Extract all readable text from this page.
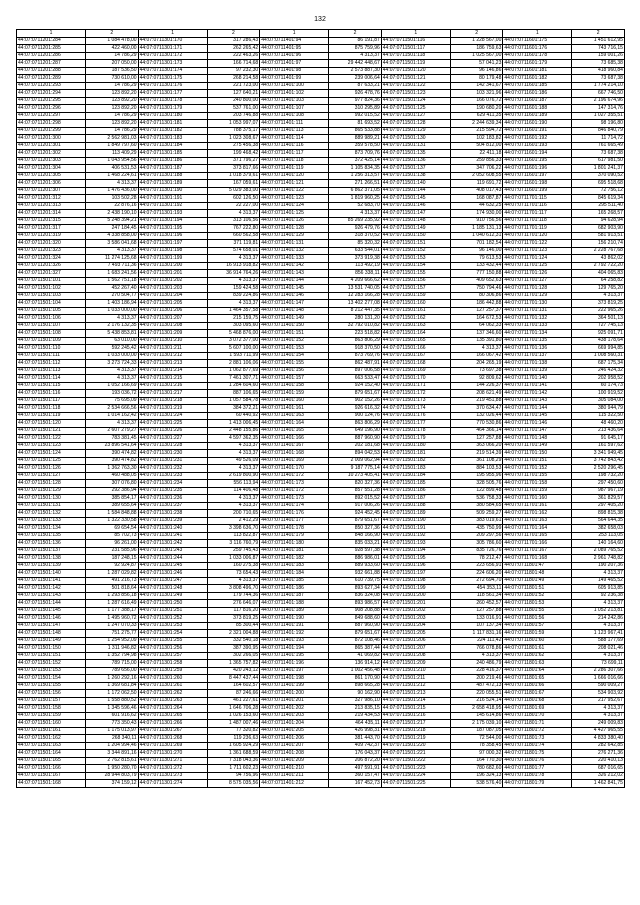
132
1	2	1	2	1	2	1	2	1	2
44:07:0711201:284	1 084 478,00	44:07:0711301:170	317 286,43	44:07:0711401:94	86 191,87	44:07:0711501:116	1 228 567,00	44:07:0711601:175	1 451 612,95
44:07:0711201:285	422 460,00	44:07:0711301:171	262 265,42	44:07:0711401:95	875 759,96	44:07:0711501:117	186 759,63	44:07:0711601:176	743 716,15
44:07:0711201:286	14 786,29	44:07:0711301:172	222 463,26	44:07:0711401:96	4 313,37	44:07:0711501:118	1 025 567,00	44:07:0711601:178	159 001,26
44:07:0711201:287	207 050,00	44:07:0711301:173	166 714,68	44:07:0711401:97	29 442 448,67	44:07:0711501:119	57 041,23	44:07:0711601:179	73 685,38
44:07:0711201:288	187 536,50	44:07:0711301:174	97 232,30	44:07:0711401:98	2 573 887,30	44:07:0711501:120	96 146,86	44:07:0711601:181	418 960,84
44:07:0711201:289	730 610,00	44:07:0711301:175	268 214,58	44:07:0711401:99	239 006,64	44:07:0711501:121	80 179,48	44:07:0711601:182	73 687,38
44:07:0711201:293	14 786,29	44:07:0711301:176	221 723,00	44:07:0711401:100	87 633,21	44:07:0711501:122	142 341,67	44:07:0711601:185	1 774 214,10
44:07:0711201:294	123 892,20	44:07:0711301:177	127 640,21	44:07:0711401:102	926 478,76	44:07:0711501:123	103 321,96	44:07:0711601:186	667 746,50
44:07:0711201:295	123 892,20	44:07:0711301:178	240 800,00	44:07:0711401:103	977 824,36	44:07:0711501:124	166 076,72	44:07:0711601:187	2 196 674,96
44:07:0711201:296	123 892,20	44:07:0711301:179	537 761,00	44:07:0711401:107	310 295,89	44:07:0711501:125	190 680,20	44:07:0711601:188	147 314,76
44:07:0711201:297	14 786,29	44:07:0711301:180	203 746,88	44:07:0711401:108	992 015,52	44:07:0711501:127	629 411,35	44:07:0711601:189	1 027 355,51
44:07:0711201:298	123 892,20	44:07:0711301:181	1 053 997,07	44:07:0711401:111	81 693,52	44:07:0711501:128	2 244 639,34	44:07:0711601:190	98 196,80
44:07:0711201:299	14 786,29	44:07:0711301:182	788 375,17	44:07:0711401:113	865 533,88	44:07:0711501:129	215 594,72	44:07:0711601:191	846 840,79
44:07:0711201:300	2 562 981,03	44:07:0711301:183	1 023 308,67	44:07:0711401:114	889 989,21	44:07:0711501:130	102 183,82	44:07:0711601:192	11 714,72
44:07:0711201:301	1 849 797,60	44:07:0711301:184	275 456,38	44:07:0711401:116	359 578,50	44:07:0711501:131	504 812,00	44:07:0711601:193	761 665,49
44:07:0711201:302	113 409,29	44:07:0711301:185	199 468,42	44:07:0711401:117	873 709,76	44:07:0711501:135	22 411,18	44:07:0711601:194	73 687,38
44:07:0711201:303	1 043 954,56	44:07:0711301:186	371 796,27	44:07:0711401:118	372 425,14	44:07:0711501:136	259 856,33	44:07:0711601:195	617 981,50
44:07:0711201:304	406 531,53	44:07:0711301:187	373 817,66	44:07:0711401:119	1 105 834,35	44:07:0711501:137	347 706,22	44:07:0711601:196	1 801 241,37
44:07:0711201:305	1 468 224,61	44:07:0711301:188	1 018 379,61	44:07:0711401:120	1 256 313,57	44:07:0711501:138	2 052 608,55	44:07:0711601:197	370 090,52
44:07:0711201:306	4 313,37	44:07:0711301:189	167 059,61	44:07:0711401:121	271 266,51	44:07:0711501:140	119 691,72	44:07:0711601:198	695 518,68
44:07:0711201:307	1 476 436,00	44:07:0711301:190	5 029 383,00	44:07:0711401:122	6 862 371,05	44:07:0711501:144	408 017,43	44:07:0711601:199	72 756,12
44:07:0711201:312	103 502,28	44:07:0711301:191	602 126,50	44:07:0711401:123	1 819 960,25	44:07:0711501:145	168 087,87	44:07:0711701:115	845 619,34
44:07:0711201:313	22 876,16	44:07:0711301:192	22 227,00	44:07:0711401:124	52 683,70	44:07:0711501:146	44 632,25	44:07:0711701:116	295 511,40
44:07:0711201:314	2 438 190,10	44:07:0711301:193	4 313,37	44:07:0711401:125	4 313,37	44:07:0711501:147	174 930,00	44:07:0711701:117	165 268,57
44:07:0711201:315	5 248 394,21	44:07:0711301:194	313 106,56	44:07:0711401:126	85 269 235,92	44:07:0711501:148	910 756,56	44:07:0711701:118	94 628,94
44:07:0711201:317	247 184,45	44:07:0711301:195	767 222,80	44:07:0711401:128	926 479,76	44:07:0711501:149	1 185 131,13	44:07:0711701:119	682 903,90
44:07:0711201:319	4 338 858,00	44:07:0711301:196	660 562,58	44:07:0711401:129	318 370,52	44:07:0711501:150	1 040 612,31	44:07:0711701:120	581 913,51
44:07:0711201:320	3 586 041,68	44:07:0711301:197	371 119,81	44:07:0711401:131	85 320,32	44:07:0711501:151	701 182,54	44:07:0711701:122	156 210,74
44:07:0711201:323	4 313,37	44:07:0711301:198	574 658,01	44:07:0711401:132	633 544,01	44:07:0711501:152	96 146,00	44:07:0711701:123	2 228 767,68
44:07:0711201:324	11 274 125,68	44:07:0711301:199	4 313,37	44:07:0711401:133	373 919,38	44:07:0711501:153	79 613,53	44:07:0711701:124	43 862,02
44:07:0711201:326	7 493 711,36	44:07:0711301:200	16 913 918,82	44:07:0711401:142	113 492,19	44:07:0711501:154	133 432,44	44:07:0711701:125	2 792 722,20
44:07:0711201:327	1 683 241,56	44:07:0711301:201	36 914 764,26	44:07:0711401:143	856 338,11	44:07:0711501:155	777 150,88	44:07:0711701:126	404 065,83
44:07:0711501:101	1 562 751,18	44:07:0711301:202	4 313,37	44:07:0711401:144	4 209 666,62	44:07:0711501:156	409 652,63	44:07:0711701:127	64 258,82
44:07:0711501:102	452 267,40	44:07:0711301:203	159 424,58	44:07:0711401:145	13 531 740,05	44:07:0711501:157	750 794,46	44:07:0711701:128	129 765,20
44:07:0711501:103	270 504,77	44:07:0711301:204	839 224,86	44:07:0711401:146	12 283 166,28	44:07:0711501:159	80 306,86	44:07:0711701:129	4 313,37
44:07:0711501:104	1 403 186,94	44:07:0711301:205	4 313,37	44:07:0711401:147	13 402 277,08	44:07:0711501:160	186 442,88	44:07:0711701:130	373 819,25
44:07:0711501:105	1 033 000,00	44:07:0711301:206	1 464 357,58	44:07:0711401:148	8 212 447,35	44:07:0711501:161	127 257,37	44:07:0711701:131	222 965,26
44:07:0711501:106	4 313,37	44:07:0711301:207	215 159,75	44:07:0711401:149	280 131,20	44:07:0711501:162	164 672,53	44:07:0711701:132	364 501,13
44:07:0711501:107	2 176 132,35	44:07:0711301:208	303 095,60	44:07:0711401:150	32 792 010,82	44:07:0711501:163	64 062,33	44:07:0711701:133	727 745,13
44:07:0711501:108	5 438 853,81	44:07:0711301:209	5 468 876,00	44:07:0711401:151	223 518,82	44:07:0711501:164	137 346,60	44:07:0711701:134	925 091,71
44:07:0711501:109	63 010,00	44:07:0711301:210	3 072 377,00	44:07:0711401:152	863 806,29	44:07:0711501:165	135 391,80	44:07:0711701:135	438 178,64
44:07:0711501:110	592 245,42	44:07:0711301:211	5 607 100,00	44:07:0711401:153	918 370,50	44:07:0711501:166	4 313,37	44:07:0711701:136	669 994,85
44:07:0711501:111	1 033 000,00	44:07:0711301:212	1 593 711,99	44:07:0711401:154	873 769,76	44:07:0711501:167	166 067,42	44:07:0711701:137	1 008 560,31
44:07:0711501:112	3 273 724,33	44:07:0711301:213	2 881 106,06	44:07:0711401:155	862 487,91	44:07:0711501:168	204 265,19	44:07:0711701:138	687 175,34
44:07:0711501:113	4 313,37	44:07:0711301:214	1 062 877,69	44:07:0711401:156	897 006,58	44:07:0711501:169	73 697,38	44:07:0711701:139	246 424,32
44:07:0711501:114	4 313,37	44:07:0711301:215	7 461 307,71	44:07:0711401:157	663 533,47	44:07:0711501:170	92 809,62	44:07:0711701:140	202 958,52
44:07:0711501:115	1 052 166,69	44:07:0711301:216	1 284 604,60	44:07:0711401:158	924 152,40	44:07:0711501:171	144 226,37	44:07:0711701:141	60 174,73
44:07:0711501:116	193 036,72	44:07:0711301:217	887 106,65	44:07:0711401:159	879 651,67	44:07:0711501:172	208 621,49	44:07:0711701:142	100 919,52
44:07:0711501:117	75 695,09	44:07:0711301:218	1 057 584,78	44:07:0711401:160	902 152,26	44:07:0711501:173	219 451,88	44:07:0711701:143	305 084,00
44:07:0711501:118	2 534 666,56	44:07:0711301:219	384 372,21	44:07:0711401:161	926 616,32	44:07:0711501:174	370 634,47	44:07:0711701:144	380 944,79
44:07:0711501:119	1 014 162,42	44:07:0711301:224	60 440,92	44:07:0711401:163	900 124,76	44:07:0711501:176	132 026,44	44:07:0711701:145	115 322,50
44:07:0711501:120	4 313,37	44:07:0711301:225	1 413 006,45	44:07:0711401:164	863 806,29	44:07:0711501:177	770 530,86	44:07:0711701:146	48 460,20
44:07:0711501:121	2 607 279,27	44:07:0711301:226	2 448 155,86	44:07:0711401:165	649 196,90	44:07:0711501:178	464 366,14	44:07:0711701:147	213 436,64
44:07:0711501:122	783 381,45	44:07:0711301:227	4 597 362,35	44:07:0711401:166	887 960,90	44:07:0711501:179	127 257,88	44:07:0711701:148	91 645,17
44:07:0711501:123	23 896 541,64	44:07:0711301:228	4 313,37	44:07:0711401:167	202 181,68	44:07:0711501:180	363 066,20	44:07:0711701:149	161 597,62
44:07:0711501:124	390 474,82	44:07:0711301:230	4 313,37	44:07:0711401:168	894 042,53	44:07:0711501:181	219 514,39	44:07:0711701:150	3 341 949,45
44:07:0711501:125	390 474,82	44:07:0711301:231	49 526,09	44:07:0711401:169	2 009 062,94	44:07:0711501:182	361 108,29	44:07:0711701:151	3 742 843,42
44:07:0711501:126	1 362 763,30	44:07:0711301:232	4 313,37	44:07:0711401:170	9 187 775,14	44:07:0711501:183	884 103,53	44:07:0711701:152	2 520 296,45
44:07:0711501:127	460 488,05	44:07:0711301:233	2 619 800,90	44:07:0711401:172	10 273 405,41	44:07:0711501:184	195 955,96	44:07:0711701:155	198 732,20
44:07:0711501:128	307 076,80	44:07:0711301:234	556 113,94	44:07:0711401:173	820 327,36	44:07:0711501:185	328 505,76	44:07:0711701:158	297 450,60
44:07:0711501:129	292 386,94	44:07:0711301:235	114 406,48	44:07:0711401:172	857 551,28	44:07:0711501:186	122 899,48	44:07:0711701:159	987 967,19
44:07:0711501:130	385 854,17	44:07:0711301:236	4 313,37	44:07:0711401:173	892 015,52	44:07:0711501:187	536 758,33	44:07:0711701:160	361 829,57
44:07:0711501:131	389 655,64	44:07:0711301:237	4 313,37	44:07:0711401:174	917 006,26	44:07:0711501:188	380 584,65	44:07:0711701:161	297 405,20
44:07:0711501:132	1 584 848,88	44:07:0711301:238	200 710,65	44:07:0711401:176	924 452,45	44:07:0711501:189	509 259,27	44:07:0711701:162	898 815,38
44:07:0711501:133	1 322 330,58	44:07:0711301:239	2 412,29	44:07:0711401:177	879 651,67	44:07:0711501:190	383 019,61	44:07:0711701:163	564 644,35
44:07:0711501:134	69 654,54	44:07:0711301:240	3 398 636,70	44:07:0711401:178	850 327,36	44:07:0711501:191	435 750,99	44:07:0711701:164	382 658,03
44:07:0711501:135	85 702,73	44:07:0711301:241	113 822,87	44:07:0711401:179	848 166,90	44:07:0711501:192	209 297,56	44:07:0711701:165	253 113,05
44:07:0711501:136	96 261,00	44:07:0711301:242	3 116 760,79	44:07:0711401:180	835 033,21	44:07:0711501:193	305 786,60	44:07:0711701:166	140 164,60
44:07:0711501:137	231 585,96	44:07:0711301:243	259 745,43	44:07:0711401:181	928 597,38	44:07:0711501:194	835 726,76	44:07:0711701:167	2 089 765,52
44:07:0711501:138	187 248,15	44:07:0711301:244	1 033 006,87	44:07:0711401:182	886 986,01	44:07:0711501:195	78 212,47	44:07:0711701:168	2 961 748,82
44:07:0711501:139	92 924,87	44:07:0711301:245	160 275,38	44:07:0711401:183	889 933,60	44:07:0711501:196	223 656,91	44:07:0711801:47	190 207,36
44:07:0711501:140	1 287 029,82	44:07:0711301:246	73 654,43	44:07:0711401:184	932 661,88	44:07:0711501:197	224 606,20	44:07:0711801:48	4 313,37
44:07:0711501:141	491 216,73	44:07:0711301:247	4 313,37	44:07:0711401:185	610 739,75	44:07:0711501:198	272 694,70	44:07:0711801:49	149 465,52
44:07:0711501:142	501 818,64	44:07:0711301:248	3 808 496,70	44:07:0711401:186	893 627,34	44:07:0711501:199	454 353,11	44:07:0711801:51	605 913,85
44:07:0711501:143	1 293 856,18	44:07:0711301:249	179 744,36	44:07:0711401:187	836 324,08	44:07:0711501:200	118 561,34	44:07:0711801:52	92 236,38
44:07:0711501:144	1 287 616,49	44:07:0711301:250	276 646,07	44:07:0711401:188	893 986,57	44:07:0711501:201	260 452,57	44:07:0711801:53	4 313,37
44:07:0711501:145	1 177 388,17	44:07:0711301:251	117 816,20	44:07:0711401:189	908 208,88	44:07:0711501:202	127 257,88	44:07:0711801:55	1 052 213,81
44:07:0711501:146	1 495 960,72	44:07:0711301:252	373 819,25	44:07:0711401:190	849 688,60	44:07:0711501:203	133 016,91	44:07:0711801:56	214 242,86
44:07:0711501:147	1 247 070,33	44:07:0711301:253	85 300,44	44:07:0711401:191	887 960,90	44:07:0711501:204	107 137,34	44:07:0711801:57	4 313,37
44:07:0711501:148	751 275,77	44:07:0711301:254	2 321 004,88	44:07:0711401:192	879 651,67	44:07:0711501:205	1 117 831,16	44:07:0711801:59	1 123 967,41
44:07:0711501:149	1 254 952,09	44:07:0711301:255	332 540,18	44:07:0711401:193	872 108,46	44:07:0711501:206	224 111,42	44:07:0711801:60	588 177,69
44:07:0711501:150	1 311 946,82	44:07:0711301:256	387 390,95	44:07:0711401:194	865 387,44	44:07:0711501:207	766 078,86	44:07:0711801:61	208 021,46
44:07:0711501:151	1 352 794,98	44:07:0711301:257	302 266,05	44:07:0711401:195	41 069,82	44:07:0711501:208	4 313,37	44:07:0711801:62	4 313,37
44:07:0711501:152	789 715,00	44:07:0711301:258	1 365 757,82	44:07:0711401:196	136 914,12	44:07:0711501:209	240 486,79	44:07:0711801:63	73 699,11
44:07:0711501:153	789 656,00	44:07:0711301:259	420 243,12	44:07:0711401:197	1 002 456,48	44:07:0711501:210	228 416,37	44:07:0711801:64	2 286 307,66
44:07:0711501:154	1 260 292,16	44:07:0711301:260	8 447 437,44	44:07:0711401:198	861 170,90	44:07:0711501:211	200 219,46	44:07:0711801:65	1 666 016,66
44:07:0711501:155	1 369 681,84	44:07:0711301:261	164 602,57	44:07:0711401:199	898 665,28	44:07:0711501:212	487 472,13	44:07:0711801:66	590 009,27
44:07:0711501:156	1 172 062,50	44:07:0711301:262	87 246,66	44:07:0711401:200	90 162,90	44:07:0711501:213	220 055,51	44:07:0711801:67	534 903,92
44:07:0711501:157	1 558 880,52	44:07:0711301:263	461 227,61	44:07:0711401:201	327 986,10	44:07:0711501:214	216 524,14	44:07:0711801:68	217 952,67
44:07:0711501:158	1 345 596,46	44:07:0711301:264	1 646 706,28	44:07:0711401:202	213 835,15	44:07:0711501:215	2 658 418,95	44:07:0711801:69	4 313,37
44:07:0711501:159	601 916,62	44:07:0711301:265	1 026 153,60	44:07:0711401:203	219 434,53	44:07:0711501:216	145 614,86	44:07:0711801:70	4 313,37
44:07:0711501:160	773 350,43	44:07:0711301:266	1 487 007,46	44:07:0711401:204	464 435,11	44:07:0711501:217	2 175 039,10	44:07:0711801:71	249 009,83
44:07:0711501:161	1 175 013,97	44:07:0711301:267	77 320,82	44:07:0711401:205	426 998,31	44:07:0711501:218	187 087,05	44:07:0711801:72	4 427 965,55
44:07:0711501:162	268 340,11	44:07:0711301:268	119 236,63	44:07:0711401:206	381 443,70	44:07:0711501:219	72 544,00	44:07:0711801:73	4 833 380,40
44:07:0711501:163	1 204 994,46	44:07:0711301:269	1 605 924,29	44:07:0711401:207	409 742,37	44:07:0711501:220	78 358,45	44:07:0711801:74	282 642,85
44:07:0711501:164	3 344 891,16	44:07:0711301:270	1 361 688,59	44:07:0711401:208	176 043,37	44:07:0711501:221	97 000,32	44:07:0711801:75	276 271,36
44:07:0711501:165	2 762 815,61	44:07:0711301:271	7 318 043,36	44:07:0711401:209	206 872,20	44:07:0711501:222	164 770,30	44:07:0711801:76	220 410,13
44:07:0711501:166	1 950 280,70	44:07:0711301:272	1 711 602,23	44:07:0711401:210	497 591,91	44:07:0711501:223	780 682,60	44:07:0711801:77	687 016,65
44:07:0711501:167	28 944 803,79	44:07:0711301:273	94 756,96	44:07:0711401:211	360 157,47	44:07:0711501:224	196 324,13	44:07:0711801:78	326 212,02
44:07:0711501:168	374 159,12	44:07:0711301:274	8 575 035,56	44:07:0711401:212	167 452,73	44:07:0711501:225	538 576,40	44:07:0711801:79	1 462 841,75
